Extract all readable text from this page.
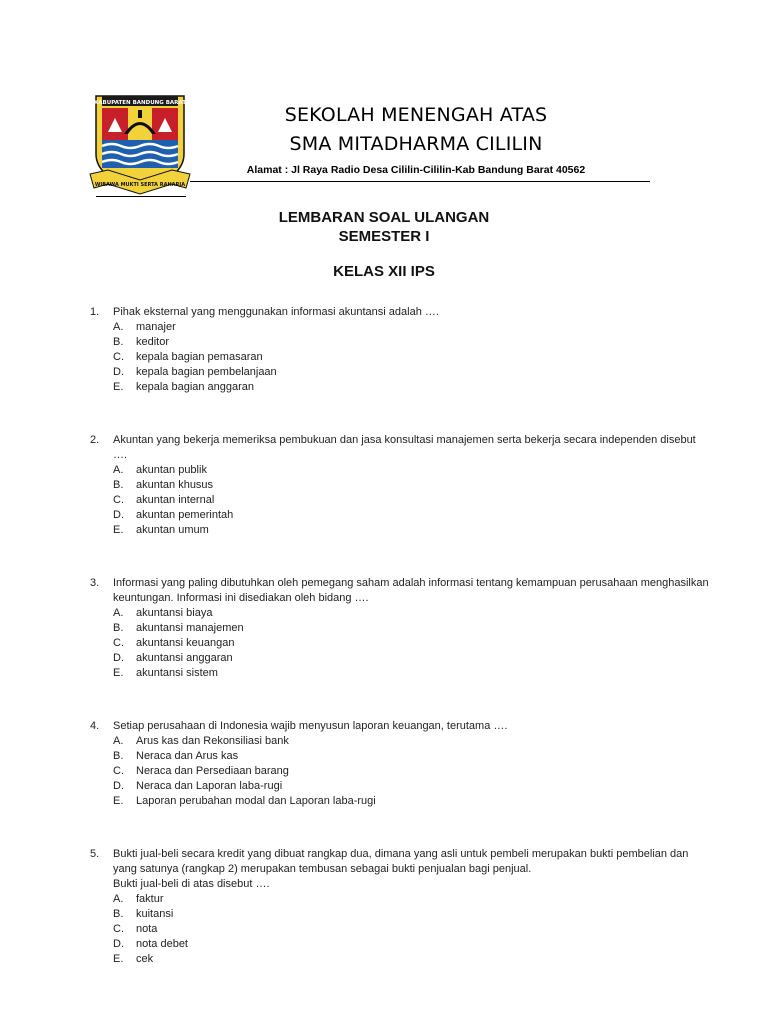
KABUPATEN BANDUNG BARAT
WIBAWA MUKTI SERTA RAHARJA
SEKOLAH MENENGAH ATAS
SMA MITADHARMA CILILIN
Alamat : Jl Raya Radio Desa Cililin-Cililin-Kab Bandung Barat 40562

LEMBARAN SOAL ULANGAN

SEMESTER I

KELAS XII IPS

1.	Pihak eksternal yang menggunakan informasi akuntansi adalah ….
A.	manajer
B.	keditor
C.	kepala bagian pemasaran
D.	kepala bagian pembelanjaan
E.	kepala bagian anggaran
2.	Akuntan yang bekerja memeriksa pembukuan dan jasa konsultasi manajemen serta bekerja secara independen disebut ….
A.	akuntan publik
B.	akuntan khusus
C.	akuntan internal
D.	akuntan pemerintah
E.	akuntan umum
3.	Informasi yang paling dibutuhkan oleh pemegang saham adalah informasi tentang kemampuan perusahaan menghasilkan keuntungan. Informasi ini disediakan oleh bidang ….
A.	akuntansi biaya
B.	akuntansi manajemen
C.	akuntansi keuangan
D.	akuntansi anggaran
E.	akuntansi sistem
4.	Setiap perusahaan di Indonesia wajib menyusun laporan keuangan, terutama ….
A.	Arus kas dan Rekonsiliasi bank
B.	Neraca dan Arus kas
C.	Neraca dan Persediaan barang
D.	Neraca dan Laporan laba-rugi
E.	Laporan perubahan modal dan Laporan laba-rugi
5.	Bukti jual-beli secara kredit yang dibuat rangkap dua, dimana yang asli untuk pembeli merupakan bukti pembelian dan yang satunya (rangkap 2) merupakan tembusan sebagai bukti penjualan bagi penjual.
Bukti jual-beli di atas disebut ….
A.	faktur
B.	kuitansi
C.	nota
D.	nota debet
E.	cek
